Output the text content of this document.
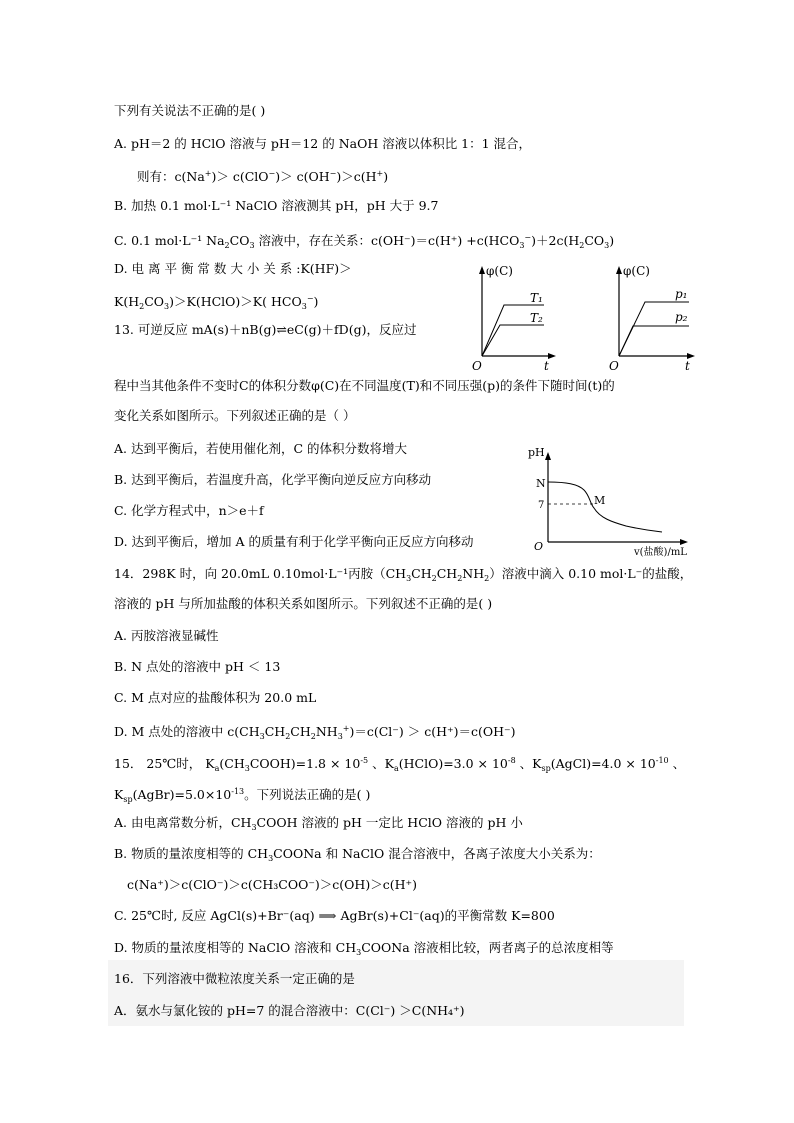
下列有关说法不正确的是( )
A. pH＝2 的 HClO 溶液与 pH＝12 的 NaOH 溶液以体积比 1：1 混合，
则有：c(Na+)＞ c(ClO−)＞ c(OH−)＞c(H+)
B. 加热 0.1 mol·L⁻¹ NaClO 溶液测其 pH，pH 大于 9.7
C. 0.1 mol·L⁻¹ $Na_2CO_3$ 溶液中，存在关系：$c(OH^-)=c(H^+) +c(HCO_3^-)+2c(H_2CO_3)$
D. 电 离 平 衡 常 数 大 小 关 系 :K(HF)＞
$K(H_2CO_3)>K(HClO)>K$( $HCO_3^-$)
13. 可逆反应 mA(s)＋nB(g)⇌eC(g)＋fD(g)，反应过
φ(C)
O	t
T₁
T₂
φ(C)
O	t
p₁
p₂
程中当其他条件不变时C的体积分数φ(C)在不同温度(T)和不同压强(p)的条件下随时间(t)的
变化关系如图所示。下列叙述正确的是（ ）
A. 达到平衡后，若使用催化剂，C 的体积分数将增大
B. 达到平衡后，若温度升高，化学平衡向逆反应方向移动
C. 化学方程式中，n＞e＋f
D. 达到平衡后，增加 A 的质量有利于化学平衡向正反应方向移动
pH
N
7	M
O	v(盐酸)/mL
14．298K 时，向 20.0mL 0.10mol·L⁻¹丙胺$(CH_3CH_2CH_2NH_2)$溶液中滴入 0.10 mol·L⁻的盐酸，
溶液的 pH 与所加盐酸的体积关系如图所示。下列叙述不正确的是( )
A. 丙胺溶液显碱性
B. N 点处的溶液中 pH ＜ 13
C. M 点对应的盐酸体积为 20.0 mL
D. M 点处的溶液中 $c(CH_3CH_2CH_2NH_3^+)=c(Cl^-) > c(H^+)=c(OH^-)$
15． 25℃时， $K_a(CH_3COOH)=1.8 \times 10^{-5}$ 、$K_a(HClO)=3.0 \times 10^{-8}$ 、$K_{sp}(AgCl)=4.0 \times 10^{-10}$ 、
$K_{sp}(AgBr)=5.0\times 10^{-13}$。下列说法正确的是( )
A. 由电离常数分析，$CH_3COOH$ 溶液的 pH 一定比 HClO 溶液的 pH 小
B. 物质的量浓度相等的 $CH_3COONa$ 和 NaClO 混合溶液中，各离子浓度大小关系为：
c(Na⁺)＞c(ClO⁻)＞c(CH₃COO⁻)＞c(OH)＞c(H⁺)
C. 25℃时, 反应 AgCl(s)+Br⁻(aq) ⟹ AgBr(s)+Cl⁻(aq)的平衡常数 K=800
D. 物质的量浓度相等的 NaClO 溶液和 $CH_3COONa$ 溶液相比较，两者离子的总浓度相等
16．下列溶液中微粒浓度关系一定正确的是
A．氨水与氯化铵的 pH=7 的混合溶液中：C(Cl⁻) ＞C(NH₄⁺)
